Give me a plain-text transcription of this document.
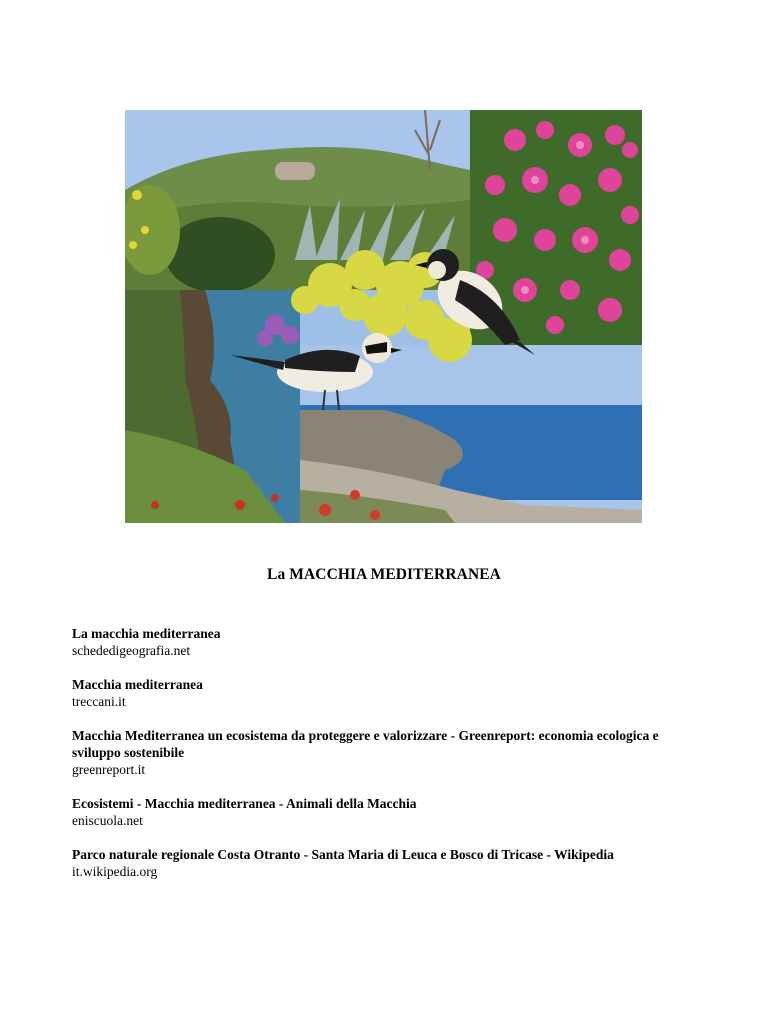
La MACCHIA MEDITERRANEA
La macchia mediterranea
schededigeografia.net
Macchia mediterranea
treccani.it
Macchia Mediterranea un ecosistema da proteggere e valorizzare - Greenreport: economia ecologica e sviluppo sostenibile
greenreport.it
Ecosistemi - Macchia mediterranea - Animali della Macchia
eniscuola.net
Parco naturale regionale Costa Otranto - Santa Maria di Leuca e Bosco di Tricase - Wikipedia
it.wikipedia.org
